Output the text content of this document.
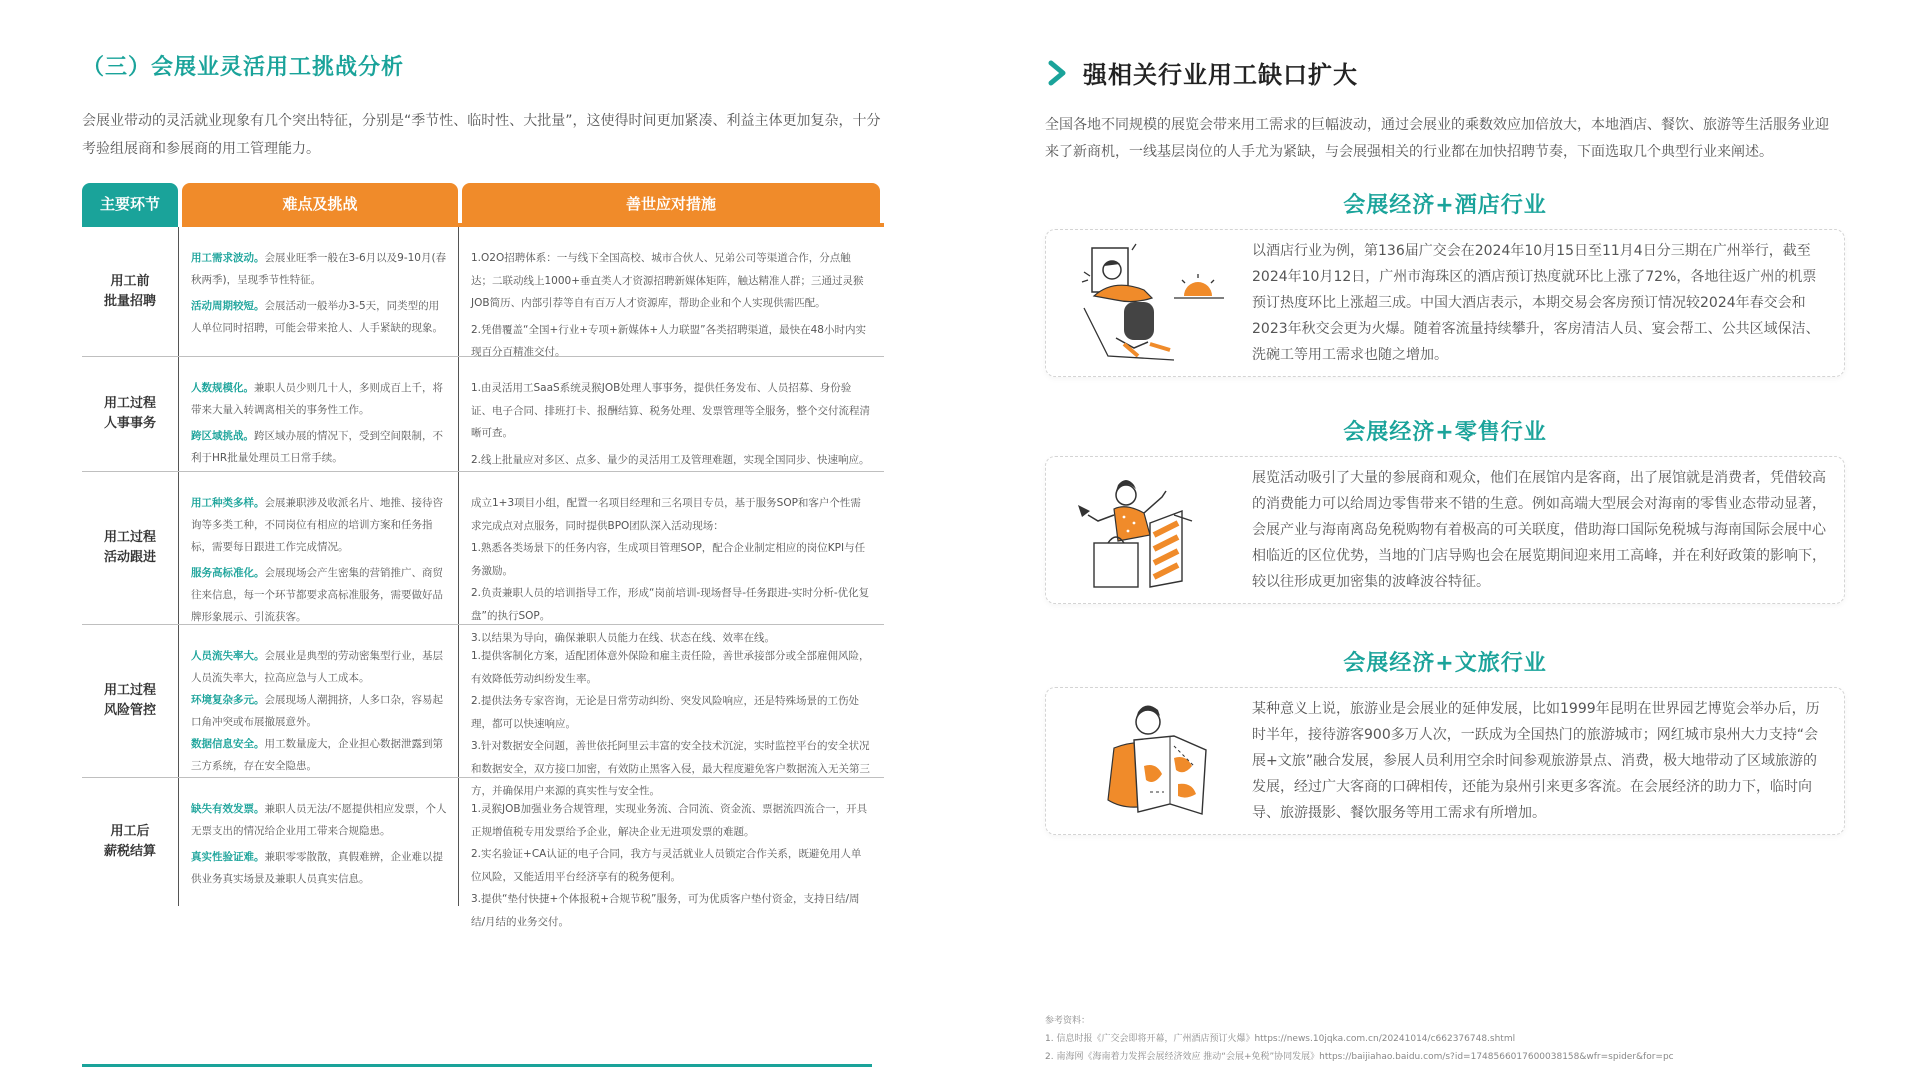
（三）会展业灵活用工挑战分析
会展业带动的灵活就业现象有几个突出特征，分别是“季节性、临时性、大批量”，这使得时间更加紧凑、利益主体更加复杂，十分考验组展商和参展商的用工管理能力。
主要环节	难点及挑战	善世应对措施
用工前
批量招聘
用工需求波动。会展业旺季一般在3-6月以及9-10月(春秋两季)，呈现季节性特征。
活动周期较短。会展活动一般举办3-5天，同类型的用人单位同时招聘，可能会带来抢人、人手紧缺的现象。
1.O2O招聘体系：一与线下全国高校、城市合伙人、兄弟公司等渠道合作，分点触达；二联动线上1000+垂直类人才资源招聘新媒体矩阵，触达精准人群；三通过灵猴JOB简历、内部引荐等自有百万人才资源库，帮助企业和个人实现供需匹配。
2.凭借覆盖“全国+行业+专项+新媒体+人力联盟”各类招聘渠道，最快在48小时内实现百分百精准交付。
用工过程
人事事务
人数规模化。兼职人员少则几十人，多则成百上千，将带来大量入转调离相关的事务性工作。
跨区域挑战。跨区域办展的情况下，受到空间限制，不利于HR批量处理员工日常手续。
1.由灵活用工SaaS系统灵猴JOB处理人事事务，提供任务发布、人员招募、身份验证、电子合同、排班打卡、报酬结算、税务处理、发票管理等全服务，整个交付流程清晰可查。
2.线上批量应对多区、点多、量少的灵活用工及管理难题，实现全国同步、快速响应。
用工过程
活动跟进
用工种类多样。会展兼职涉及收派名片、地推、接待咨询等多类工种，不同岗位有相应的培训方案和任务指标，需要每日跟进工作完成情况。
服务高标准化。会展现场会产生密集的营销推广、商贸往来信息，每一个环节都要求高标准服务，需要做好品牌形象展示、引流获客。
成立1+3项目小组，配置一名项目经理和三名项目专员，基于服务SOP和客户个性需求完成点对点服务，同时提供BPO团队深入活动现场：
1.熟悉各类场景下的任务内容，生成项目管理SOP，配合企业制定相应的岗位KPI与任务激励。
2.负责兼职人员的培训指导工作，形成“岗前培训-现场督导-任务跟进-实时分析-优化复盘”的执行SOP。
3.以结果为导向，确保兼职人员能力在线、状态在线、效率在线。
用工过程
风险管控
人员流失率大。会展业是典型的劳动密集型行业，基层人员流失率大，拉高应急与人工成本。
环境复杂多元。会展现场人潮拥挤，人多口杂，容易起口角冲突或布展撤展意外。
数据信息安全。用工数量庞大，企业担心数据泄露到第三方系统，存在安全隐患。
1.提供客制化方案，适配团体意外保险和雇主责任险，善世承接部分或全部雇佣风险，有效降低劳动纠纷发生率。
2.提供法务专家咨询，无论是日常劳动纠纷、突发风险响应，还是特殊场景的工伤处理，都可以快速响应。
3.针对数据安全问题，善世依托阿里云丰富的安全技术沉淀，实时监控平台的安全状况和数据安全，双方接口加密，有效防止黑客入侵，最大程度避免客户数据流入无关第三方，并确保用户来源的真实性与安全性。
用工后
薪税结算
缺失有效发票。兼职人员无法/不愿提供相应发票，个人无票支出的情况给企业用工带来合规隐患。
真实性验证难。兼职零零散散，真假难辨，企业难以提供业务真实场景及兼职人员真实信息。
1.灵猴JOB加强业务合规管理，实现业务流、合同流、资金流、票据流四流合一，开具正规增值税专用发票给予企业，解决企业无进项发票的难题。
2.实名验证+CA认证的电子合同，我方与灵活就业人员锁定合作关系，既避免用人单位风险，又能适用平台经济享有的税务便利。
3.提供“垫付快捷+个体报税+合规节税”服务，可为优质客户垫付资金，支持日结/周结/月结的业务交付。
强相关行业用工缺口扩大
全国各地不同规模的展览会带来用工需求的巨幅波动，通过会展业的乘数效应加倍放大，本地酒店、餐饮、旅游等生活服务业迎来了新商机，一线基层岗位的人手尤为紧缺，与会展强相关的行业都在加快招聘节奏，下面选取几个典型行业来阐述。
会展经济+酒店行业
以酒店行业为例，第136届广交会在2024年10月15日至11月4日分三期在广州举行，截至2024年10月12日，广州市海珠区的酒店预订热度就环比上涨了72%，各地往返广州的机票预订热度环比上涨超三成。中国大酒店表示，本期交易会客房预订情况较2024年春交会和2023年秋交会更为火爆。随着客流量持续攀升，客房清洁人员、宴会帮工、公共区域保洁、洗碗工等用工需求也随之增加。
会展经济+零售行业
展览活动吸引了大量的参展商和观众，他们在展馆内是客商，出了展馆就是消费者，凭借较高的消费能力可以给周边零售带来不错的生意。例如高端大型展会对海南的零售业态带动显著，会展产业与海南离岛免税购物有着极高的可关联度，借助海口国际免税城与海南国际会展中心相临近的区位优势，当地的门店导购也会在展览期间迎来用工高峰，并在利好政策的影响下，较以往形成更加密集的波峰波谷特征。
会展经济+文旅行业
某种意义上说，旅游业是会展业的延伸发展，比如1999年昆明在世界园艺博览会举办后，历时半年，接待游客900多万人次，一跃成为全国热门的旅游城市；网红城市泉州大力支持“会展+文旅”融合发展，参展人员利用空余时间参观旅游景点、消费，极大地带动了区域旅游的发展，经过广大客商的口碑相传，还能为泉州引来更多客流。在会展经济的助力下，临时向导、旅游摄影、餐饮服务等用工需求有所增加。
参考资料：
1. 信息时报《广交会即将开幕，广州酒店预订火爆》https://news.10jqka.com.cn/20241014/c662376748.shtml
2. 南海网《海南着力发挥会展经济效应 推动“会展+免税”协同发展》https://baijiahao.baidu.com/s?id=1748566017600038158&wfr=spider&for=pc
